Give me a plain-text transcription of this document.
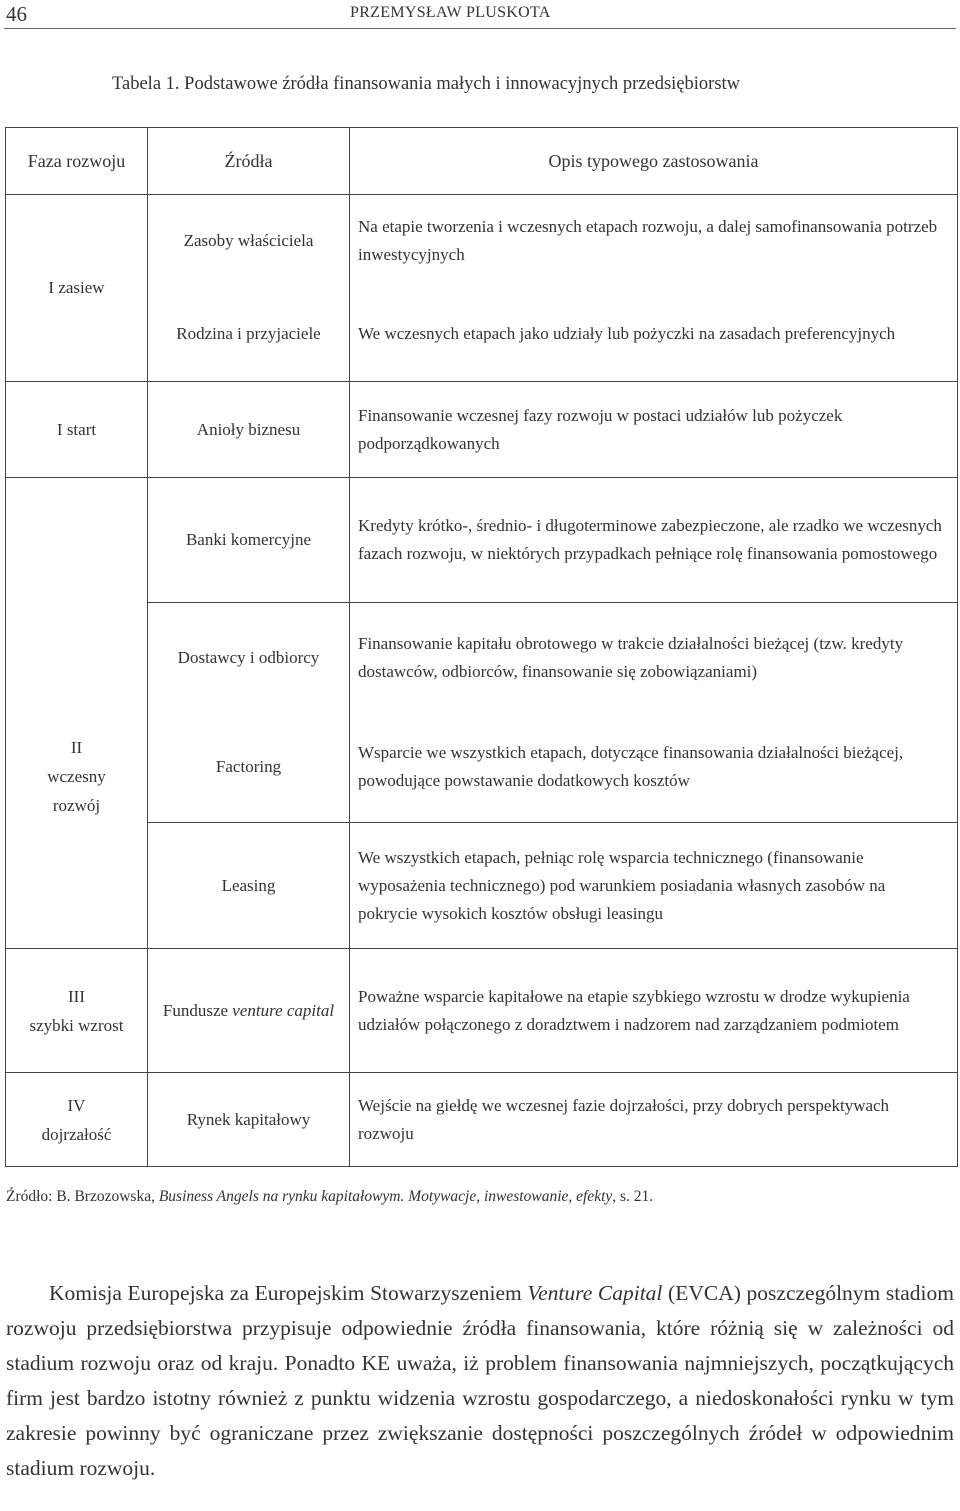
46	PRZEMYSŁAW PLUSKOTA
Tabela 1. Podstawowe źródła finansowania małych i innowacyjnych przedsiębiorstw
Faza rozwoju	Źródła	Opis typowego zastosowania
I zasiew	Zasoby właściciela	Na etapie tworzenia i wczesnych etapach rozwoju, a dalej samofinansowania potrzeb inwestycyjnych
	Rodzina i przyjaciele	We wczesnych etapach jako udziały lub pożyczki na zasadach preferencyjnych
I start	Anioły biznesu	Finansowanie wczesnej fazy rozwoju w postaci udziałów lub pożyczek podporządkowanych

II
wczesny
rozwój	Banki komercyjne	Kredyty krótko-, średnio- i długoterminowe zabezpieczone, ale rzadko we wczesnych fazach rozwoju, w niektórych przypadkach pełniące rolę finansowania pomostowego
	Dostawcy i odbiorcy	Finansowanie kapitału obrotowego w trakcie działalności bieżącej (tzw. kredyty dostawców, odbiorców, finansowanie się zobowiązaniami)
	Factoring	Wsparcie we wszystkich etapach, dotyczące finansowania działalności bieżącej, powodujące powstawanie dodatkowych kosztów
	Leasing	We wszystkich etapach, pełniąc rolę wsparcia technicznego (finansowanie wyposażenia technicznego) pod warunkiem posiadania własnych zasobów na pokrycie wysokich kosztów obsługi leasingu

III
szybki wzrost	Fundusze venture capital	Poważne wsparcie kapitałowe na etapie szybkiego wzrostu w drodze wykupienia udziałów połączonego z doradztwem i nadzorem nad zarządzaniem podmiotem

IV
dojrzałość	Rynek kapitałowy	Wejście na giełdę we wczesnej fazie dojrzałości, przy dobrych perspektywach rozwoju
Źródło: B. Brzozowska, Business Angels na rynku kapitałowym. Motywacje, inwestowanie, efekty, s. 21.

Komisja Europejska za Europejskim Stowarzyszeniem Venture Capital (EVCA) poszczególnym stadiom rozwoju przedsiębiorstwa przypisuje odpowiednie źródła finansowania, które różnią się w zależności od stadium rozwoju oraz od kraju. Ponadto KE uważa, iż problem finansowania najmniejszych, początkujących firm jest bardzo istotny również z punktu widzenia wzrostu gospodarczego, a niedoskonałości rynku w tym zakresie powinny być ograniczane przez zwiększanie dostępności poszczególnych źródeł w odpowiednim stadium rozwoju.
